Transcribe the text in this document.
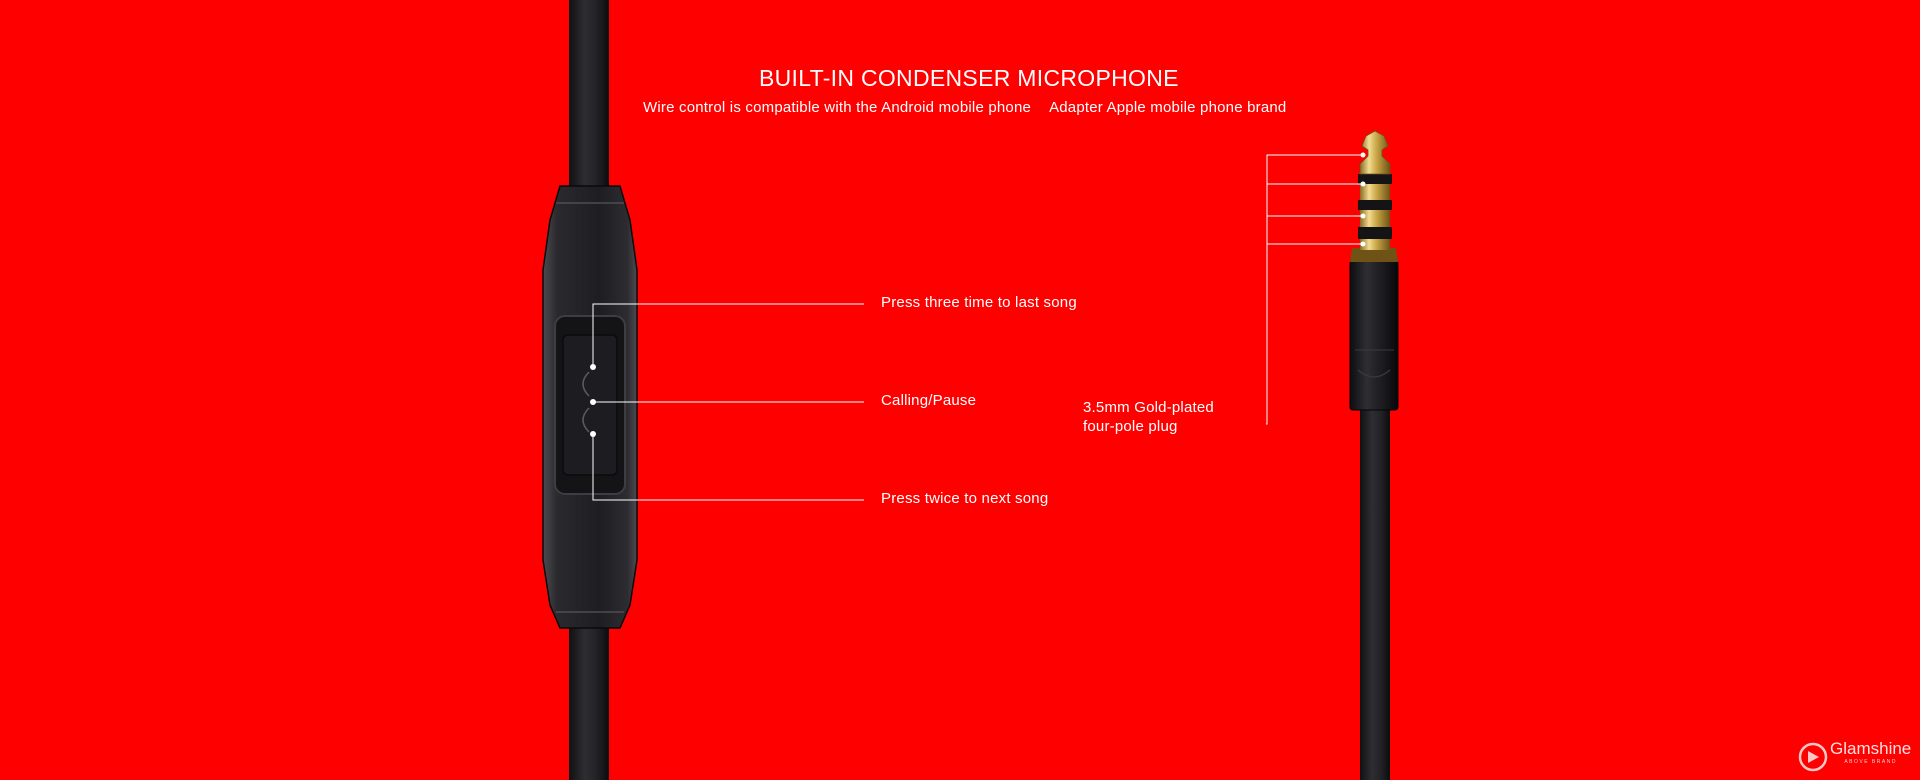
BUILT-IN CONDENSER MICROPHONE
Wire control is compatible with the Android mobile phone Adapter Apple mobile phone brand
Press three time to last song
Calling/Pause
Press twice to next song
3.5mm Gold-plated
four-pole plug
Glamshine
ABOVE BRAND
